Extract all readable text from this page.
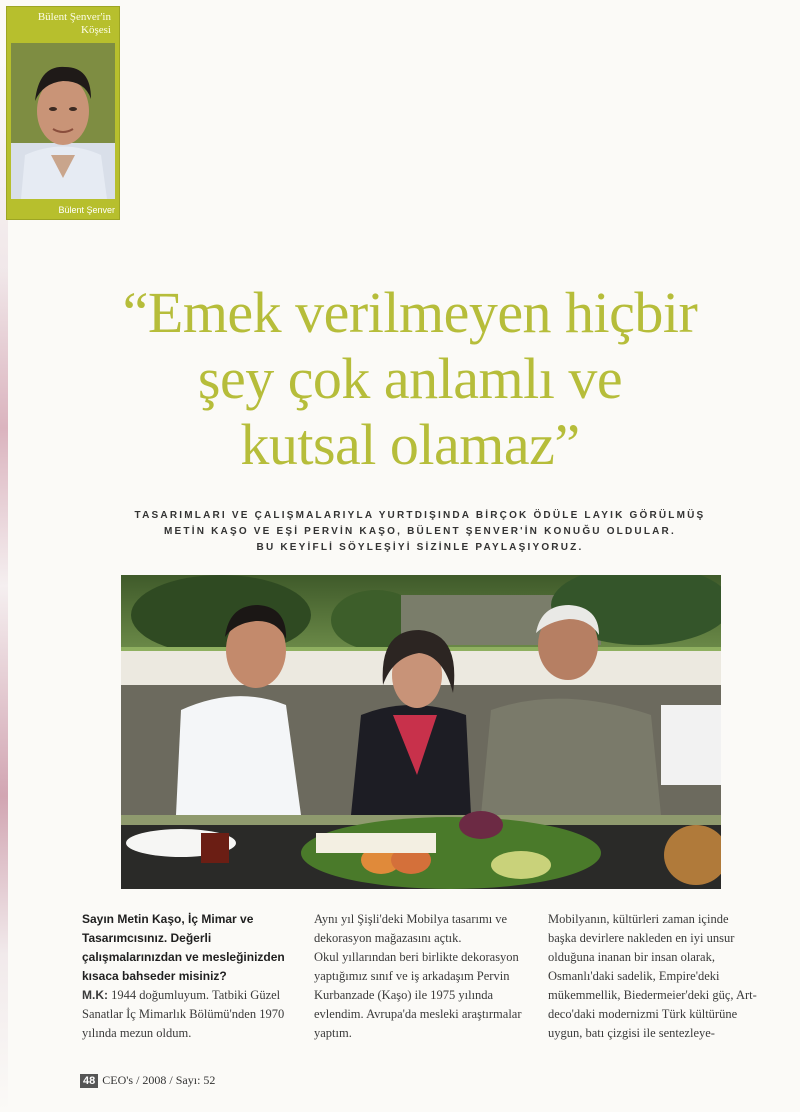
Bülent Şenver'in
Köşesi
Bülent Şenver
“Emek verilmeyen hiçbir
şey çok anlamlı ve
kutsal olamaz”
TASARIMLARI VE ÇALIŞMALARIYLA YURTDIŞINDA BİRÇOK ÖDÜLE LAYIK GÖRÜLMÜŞ
METİN KAŞO VE EŞİ PERVİN KAŞO, BÜLENT ŞENVER'İN KONUĞU OLDULAR.
BU KEYİFLİ SÖYLEŞİYİ SİZİNLE PAYLAŞIYORUZ.

Sayın Metin Kaşo, İç Mimar ve Tasarımcısınız. Değerli çalışmalarınızdan ve mesleğinizden kısaca bahseder misiniz?

M.K: 1944 doğumluyum. Tatbiki Güzel Sanatlar İç Mimarlık Bölümü'nden 1970 yılında mezun oldum.

Aynı yıl Şişli'deki Mobilya tasarımı ve dekorasyon mağazasını açtık.

Okul yıllarından beri birlikte dekorasyon yaptığımız sınıf ve iş arkadaşım Pervin Kurbanzade (Kaşo) ile 1975 yılında evlendim. Avrupa'da mesleki araştırmalar yaptım.

Mobilyanın, kültürleri zaman içinde başka devirlere nakleden en iyi unsur olduğuna inanan bir insan olarak, Osmanlı'daki sadelik, Empire'deki mükemmellik, Biedermeier'deki güç, Art-deco'daki modernizmi Türk kültürüne uygun, batı çizgisi ile sentezleye-

48 CEO's / 2008 / Sayı: 52
